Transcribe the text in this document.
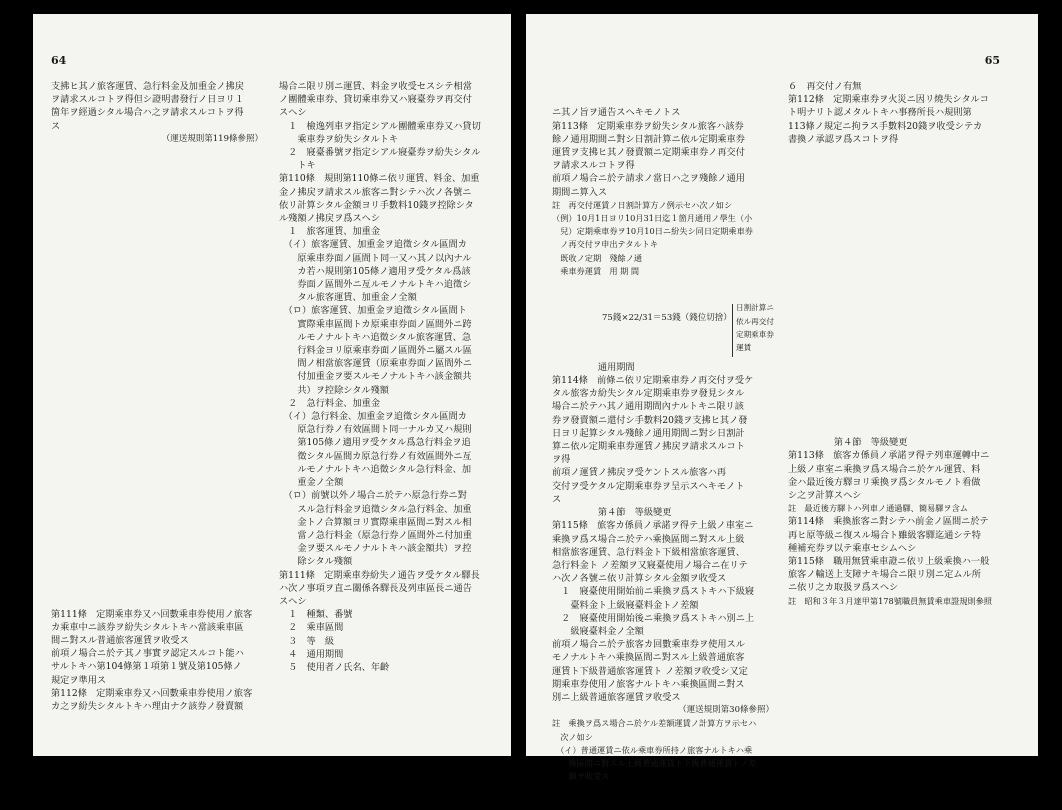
64
支拂ヒ其ノ旅客運賃、急行料金及加重金ノ拂戻
ヲ請求スルコトヲ得但シ證明書發行ノ日ヨリ１
箇年ヲ經過シタル場合ハ之ヲ請求スルコトヲ得
ス
（運送規則第119條參照）
第111條　定期乘車券又ハ回數乘車券使用ノ旅客
カ乘車中ニ該券ヲ紛失シタルトキハ當該乘車區
間ニ對スル普通旅客運賃ヲ收受ス
前項ノ場合ニ於テ其ノ事實ヲ認定スルコト能ハ
サルトキハ第104條第１項第１號及第105條ノ
規定ヲ準用ス
第112條　定期乘車券又ハ回數乘車券使用ノ旅客
カ之ヲ紛失シタルトキハ理由ナク該券ノ發賣額
場合ニ限リ別ニ運賃、料金ヲ收受セスシテ相當
ノ團體乘車券、貸切乘車券又ハ寢臺券ヲ再交付
スヘシ
　１　檢逸列車ヲ指定シアル團體乘車券又ハ貸切
　　乘車券ヲ紛失シタルトキ
　２　寢臺番號ヲ指定シアル寢臺券ヲ紛失シタル
　　トキ
第110條　規則第110條ニ依リ運賃、料金、加重
金ノ拂戻ヲ請求スル旅客ニ對シテハ次ノ各號ニ
依リ計算シタル金額ヨリ手數料10錢ヲ控除シタ
ル殘額ノ拂戻ヲ爲スヘシ
　１　旅客運賃、加重金
　（イ）旅客運賃、加重金ヲ追徵シタル區間カ
　　原乘車券面ノ區間ト同一又ハ其ノ以內ナル
　　カ若ハ規則第105條ノ適用ヲ受ケタル爲該
　　券面ノ區間外ニ亙ルモノナルトキハ追徵シ
　　タル旅客運賃、加重金ノ全額
　（ロ）旅客運賃、加重金ヲ追徵シタル區間ト
　　實際乘車區間トカ原乘車券面ノ區間外ニ跨
　　ルモノナルトキハ追徵シタル旅客運賃、急
　　行料金ヨリ原乘車券面ノ區間外ニ屬スル區
　　間ノ相當旅客運賃（原乘車券面ノ區間外ニ
　　付加重金ヲ要スルモノナルトキハ該金額共
　　共）ヲ控除シタル殘額
　２　急行料金、加重金
　（イ）急行料金、加重金ヲ追徵シタル區間カ
　　原急行券ノ有效區間ト同一ナルカ又ハ規則
　　第105條ノ適用ヲ受ケタル爲急行料金ヲ追
　　徵シタル區間カ原急行券ノ有效區間外ニ亙
　　ルモノナルトキハ追徵シタル急行料金、加
　　重金ノ全額
　（ロ）前號以外ノ場合ニ於テハ原急行券ニ對
　　スル急行料金ヲ追徵シタル急行料金、加重
　　金トノ合算額ヨリ實際乘車區間ニ對スル相
　　當ノ急行料金（原急行券ノ區間外ニ付加重
　　金ヲ要スルモノナルトキハ該金額共）ヲ控
　　除シタル殘額
第111條　定期乘車券紛失ノ通告ヲ受ケタル驛長
ハ次ノ事項ヲ直ニ關係各驛長及列車區長ニ通告
スヘシ
　１　種類、番號
　２　乘車區間
　３　等　級
　４　通用期間
　５　使用者ノ氏名、年齡
65

ニ其ノ旨ヲ通告スヘキモノトス
第113條　定期乘車券ヲ紛失シタル旅客ハ該券
餘ノ通用期間ニ對シ日割計算ニ依ル定期乘車券
運賃ヲ支拂ヒ其ノ發賣額ニ定期乘車券ノ再交付
ヲ請求スルコトヲ得
前項ノ場合ニ於テ請求ノ當日ハ之ヲ殘餘ノ通用
期間ニ算入ス
註　再交付運賃ノ日割計算方ノ例示セハ次ノ如シ
（例）10月1日ヨリ10月31日迄１箇月通用ノ學生（小
　兒）定期乘車券ヲ10月10日ニ紛失シ同日定期乘車券
　ノ再交付ヲ申出テタルトキ
　既收ノ定期　殘餘ノ通
　乘車券運賃　用 期 間

75錢×22/31＝53錢（錢位切捨）

日割計算ニ
依ル再交付
定期乘車券
運賃

　　　　　通用期間
第114條　前條ニ依リ定期乘車券ノ再交付ヲ受ケ
タル旅客カ紛失シタル定期乘車券ヲ發見シタル
場合ニ於テハ其ノ通用期間內ナルトキニ限リ該
券ヲ發賣額ニ還付シ手數料20錢ヲ支拂ヒ其ノ發
日ヨリ起算シタル殘餘ノ通用期間ニ對シ日割計
算ニ依ル定期乘車券運賃ノ拂戻ヲ請求スルコト
ヲ得
前項ノ運賃ノ拂戻ヲ受ケントスル旅客ハ再
交付ヲ受ケタル定期乘車券ヲ呈示スヘキモノト
ス
　　　　　第４節　等級變更
第115條　旅客カ係員ノ承諾ヲ得テ上級ノ車室ニ
乘換ヲ爲ス場合ニ於テハ乘換區間ニ對スル上級
相當旅客運賃、急行料金ト下級相當旅客運賃、
急行料金ト ノ差額ヲ又寢臺使用ノ場合ニ在リテ
ハ次ノ各號ニ依リ計算シタル金額ヲ收受ス
　１　寢臺使用開始前ニ乘換ヲ爲ストキハ下級寢
　　臺料金ト上級寢臺料金トノ差額
　２　寢臺使用開始後ニ乘換ヲ爲ストキハ別ニ上
　　級寢臺料金ノ全額
前項ノ場合ニ於テ旅客カ回數乘車券ヲ使用スル
モノナルトキハ乘換區間ニ對スル上級普通旅客
運賃ト下級普通旅客運賃ト ノ差額ヲ收受シ又定
期乘車券使用ノ旅客ナルトキハ乘換區間ニ對ス
別ニ上級普通旅客運賃ヲ收受ス
（運送規則第30條參照）
註　乘換ヲ爲ス場合ニ於ケル差額運賃ノ計算方ヲ示セハ
　次ノ如シ
　（イ）普通運賃ニ依ル乘車券所持ノ旅客ナルトキハ乘
　　換區間ニ對スル上級普通運賃ト下級普通運賃トノ差
　　額ヲ收受ス

６　再交付ノ有無
第112條　定期乘車券ヲ火災ニ因リ燒失シタルコ
ト明ナリト認メタルトキハ事務所長ハ規則第
113條ノ規定ニ拘ラス手數料20錢ヲ收受シテカ
書換ノ承認ヲ爲スコトヲ得
　　　　　第４節　等級變更
第113條　旅客カ係員ノ承諾ヲ得テ列車運轉中ニ
上級ノ車室ニ乘換ヲ爲ス場合ニ於ケル運賃、料
金ハ最近後方驛ヨリ乘換ヲ爲シタルモノト看做
シ之ヲ計算スヘシ
註　最近後方驛トハ列車ノ通過驛、簡易驛ヲ含ム
第114條　乘換旅客ニ對シテハ前金ノ區間ニ於テ
再ヒ原等級ニ復スル場合ト雖級客驛迄通シテ特
種補充券ヲ以テ乘車セシムヘシ
第115條　職用無賃乘車證ニ依リ上級乘換ハ一般
旅客ノ輸送上支障ナキ場合ニ限リ別ニ定ムル所
ニ依リ之カ取扱ヲ爲スヘシ
註　昭和３年３月達甲第178號職員無賃乘車證規則參照
